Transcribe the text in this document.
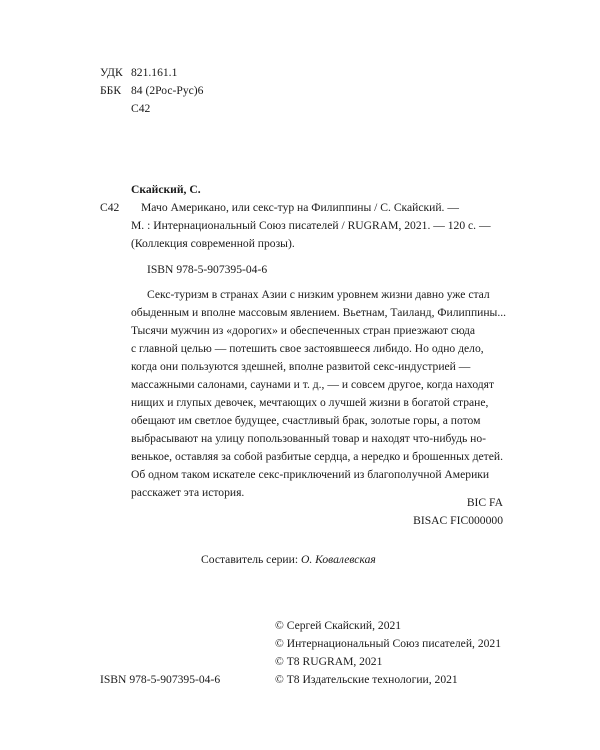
УДК 821.161.1
ББК 84 (2Рос-Рус)6
С42
С42
Скайский, С.
Мачо Американо, или секс-тур на Филиппины / С. Скайский. —
М. : Интернациональный Союз писателей / RUGRAM, 2021. — 120 с. —
(Коллекция современной прозы).
ISBN 978-5-907395-04-6
Секс-туризм в странах Азии с низким уровнем жизни давно уже стал
обыденным и вполне массовым явлением. Вьетнам, Таиланд, Филиппины...
Тысячи мужчин из «дорогих» и обеспеченных стран приезжают сюда
с главной целью — потешить свое застоявшееся либидо. Но одно дело,
когда они пользуются здешней, вполне развитой секс-индустрией —
массажными салонами, саунами и т. д., — и совсем другое, когда находят
нищих и глупых девочек, мечтающих о лучшей жизни в богатой стране,
обещают им светлое будущее, счастливый брак, золотые горы, а потом
выбрасывают на улицу попользованный товар и находят что-нибудь но-
венькое, оставляя за собой разбитые сердца, а нередко и брошенных детей.
Об одном таком искателе секс-приключений из благополучной Америки
расскажет эта история.
BIC FA
BISAC FIC000000
Составитель серии: О. Ковалевская
ISBN 978-5-907395-04-6
© Сергей Скайский, 2021
© Интернациональный Союз писателей, 2021
© Т8 RUGRAM, 2021
© Т8 Издательские технологии, 2021
